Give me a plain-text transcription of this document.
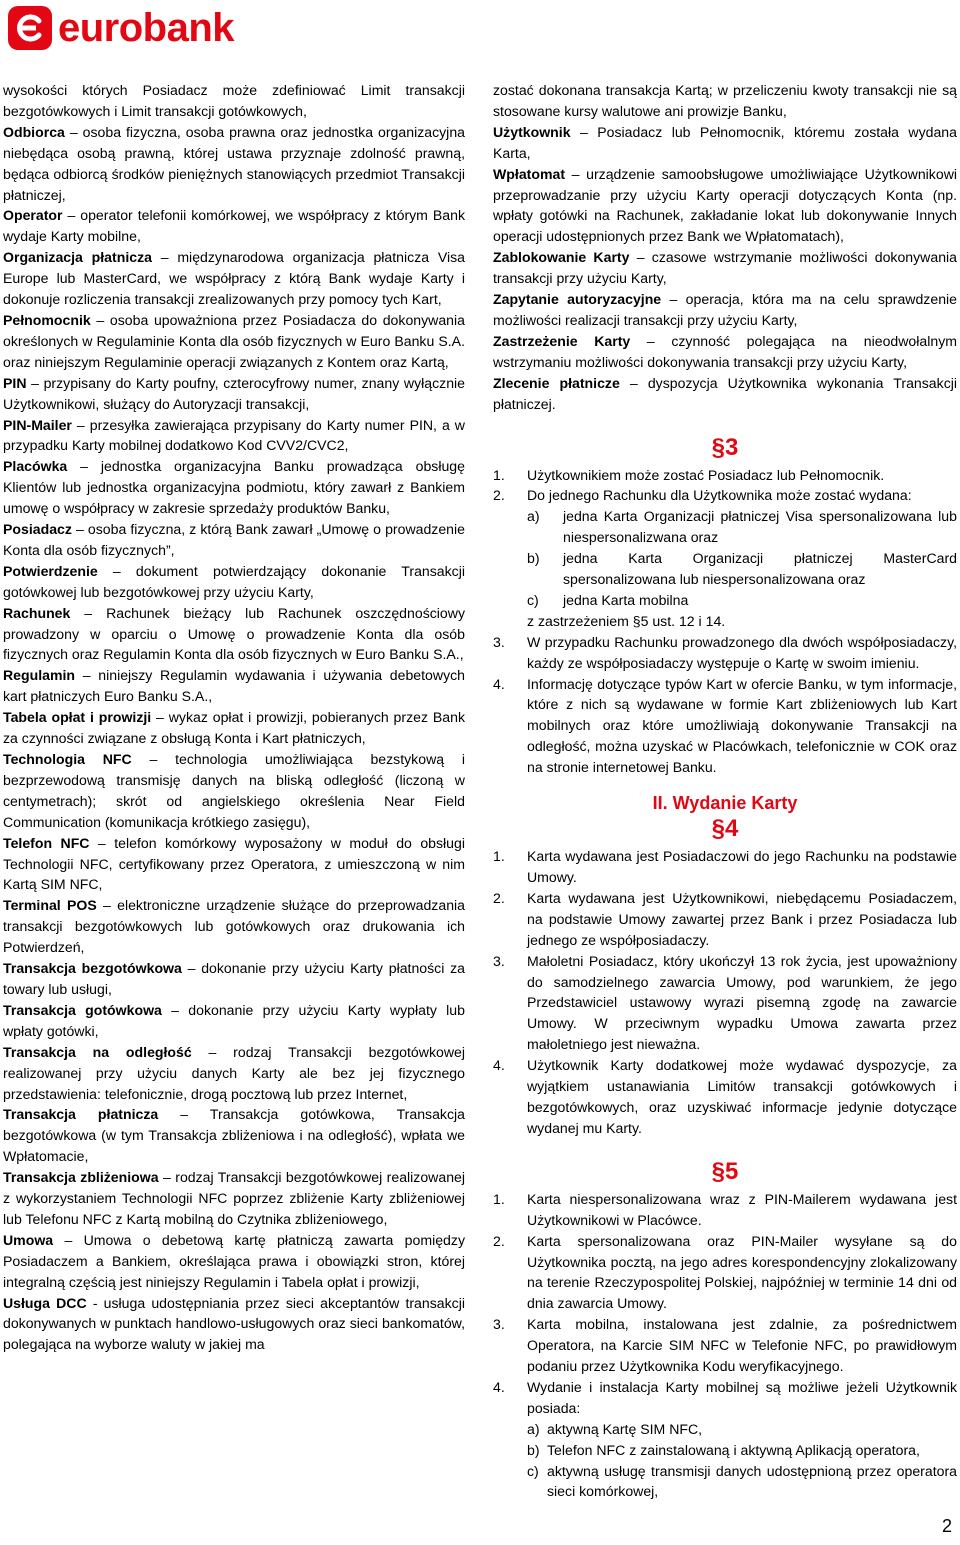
eurobank

wysokości których Posiadacz może zdefiniować Limit transakcji bezgotówkowych i Limit transakcji gotówkowych,

Odbiorca – osoba fizyczna, osoba prawna oraz jednostka organizacyjna niebędąca osobą prawną, której ustawa przyznaje zdolność prawną, będąca odbiorcą środków pieniężnych stanowiących przedmiot Transakcji płatniczej,

Operator – operator telefonii komórkowej, we współpracy z którym Bank wydaje Karty mobilne,

Organizacja płatnicza – międzynarodowa organizacja płatnicza Visa Europe lub MasterCard, we współpracy z którą Bank wydaje Karty i dokonuje rozliczenia transakcji zrealizowanych przy pomocy tych Kart,

Pełnomocnik – osoba upoważniona przez Posiadacza do dokonywania określonych w Regulaminie Konta dla osób fizycznych w Euro Banku S.A. oraz niniejszym Regulaminie operacji związanych z Kontem oraz Kartą,

PIN – przypisany do Karty poufny, czterocyfrowy numer, znany wyłącznie Użytkownikowi, służący do Autoryzacji transakcji,

PIN-Mailer – przesyłka zawierająca przypisany do Karty numer PIN, a w przypadku Karty mobilnej dodatkowo Kod CVV2/CVC2,

Placówka – jednostka organizacyjna Banku prowadząca obsługę Klientów lub jednostka organizacyjna podmiotu, który zawarł z Bankiem umowę o współpracy w zakresie sprzedaży produktów Banku,

Posiadacz – osoba fizyczna, z którą Bank zawarł „Umowę o prowadzenie Konta dla osób fizycznych”,

Potwierdzenie – dokument potwierdzający dokonanie Transakcji gotówkowej lub bezgotówkowej przy użyciu Karty,

Rachunek – Rachunek bieżący lub Rachunek oszczędnościowy prowadzony w oparciu o Umowę o prowadzenie Konta dla osób fizycznych oraz Regulamin Konta dla osób fizycznych w Euro Banku S.A.,

Regulamin – niniejszy Regulamin wydawania i używania debetowych kart płatniczych Euro Banku S.A.,

Tabela opłat i prowizji – wykaz opłat i prowizji, pobieranych przez Bank za czynności związane z obsługą Konta i Kart płatniczych,

Technologia NFC – technologia umożliwiająca bezstykową i bezprzewodową transmisję danych na bliską odległość (liczoną w centymetrach); skrót od angielskiego określenia Near Field Communication (komunikacja krótkiego zasięgu),

Telefon NFC – telefon komórkowy wyposażony w moduł do obsługi Technologii NFC, certyfikowany przez Operatora, z umieszczoną w nim Kartą SIM NFC,

Terminal POS – elektroniczne urządzenie służące do przeprowadzania transakcji bezgotówkowych lub gotówkowych oraz drukowania ich Potwierdzeń,

Transakcja bezgotówkowa – dokonanie przy użyciu Karty płatności za towary lub usługi,

Transakcja gotówkowa – dokonanie przy użyciu Karty wypłaty lub wpłaty gotówki,

Transakcja na odległość – rodzaj Transakcji bezgotówkowej realizowanej przy użyciu danych Karty ale bez jej fizycznego przedstawienia: telefonicznie, drogą pocztową lub przez Internet,

Transakcja płatnicza – Transakcja gotówkowa, Transakcja bezgotówkowa (w tym Transakcja zbliżeniowa i na odległość), wpłata we Wpłatomacie,

Transakcja zbliżeniowa – rodzaj Transakcji bezgotówkowej realizowanej z wykorzystaniem Technologii NFC poprzez zbliżenie Karty zbliżeniowej lub Telefonu NFC z Kartą mobilną do Czytnika zbliżeniowego,

Umowa – Umowa o debetową kartę płatniczą zawarta pomiędzy Posiadaczem a Bankiem, określająca prawa i obowiązki stron, której integralną częścią jest niniejszy Regulamin i Tabela opłat i prowizji,

Usługa DCC - usługa udostępniania przez sieci akceptantów transakcji dokonywanych w punktach handlowo-usługowych oraz sieci bankomatów, polegająca na wyborze waluty w jakiej ma

zostać dokonana transakcja Kartą; w przeliczeniu kwoty transakcji nie są stosowane kursy walutowe ani prowizje Banku,

Użytkownik – Posiadacz lub Pełnomocnik, któremu została wydana Karta,

Wpłatomat – urządzenie samoobsługowe umożliwiające Użytkownikowi przeprowadzanie przy użyciu Karty operacji dotyczących Konta (np. wpłaty gotówki na Rachunek, zakładanie lokat lub dokonywanie Innych operacji udostępnionych przez Bank we Wpłatomatach),

Zablokowanie Karty – czasowe wstrzymanie możliwości dokonywania transakcji przy użyciu Karty,

Zapytanie autoryzacyjne – operacja, która ma na celu sprawdzenie możliwości realizacji transakcji przy użyciu Karty,

Zastrzeżenie Karty – czynność polegająca na nieodwołalnym wstrzymaniu możliwości dokonywania transakcji przy użyciu Karty,

Zlecenie płatnicze – dyspozycja Użytkownika wykonania Transakcji płatniczej.

§3
1.	Użytkownikiem może zostać Posiadacz lub Pełnomocnik.
2.	Do jednego Rachunku dla Użytkownika może zostać wydana:
a)	jedna Karta Organizacji płatniczej Visa spersonalizowana lub niespersonalizwana oraz
b)	jedna Karta Organizacji płatniczej MasterCard spersonalizowana lub niespersonalizowana oraz
c)	jedna Karta mobilna
z zastrzeżeniem §5 ust. 12 i 14.
3.	W przypadku Rachunku prowadzonego dla dwóch współposiadaczy, każdy ze współposiadaczy występuje o Kartę w swoim imieniu.
4.	Informację dotyczące typów Kart w ofercie Banku, w tym informacje, które z nich są wydawane w formie Kart zbliżeniowych lub Kart mobilnych oraz które umożliwiają dokonywanie Transakcji na odległość, można uzyskać w Placówkach, telefonicznie w COK oraz na stronie internetowej Banku.
II. Wydanie Karty
§4
1.	Karta wydawana jest Posiadaczowi do jego Rachunku na podstawie Umowy.
2.	Karta wydawana jest Użytkownikowi, niebędącemu Posiadaczem, na podstawie Umowy zawartej przez Bank i przez Posiadacza lub jednego ze współposiadaczy.
3.	Małoletni Posiadacz, który ukończył 13 rok życia, jest upoważniony do samodzielnego zawarcia Umowy, pod warunkiem, że jego Przedstawiciel ustawowy wyrazi pisemną zgodę na zawarcie Umowy. W przeciwnym wypadku Umowa zawarta przez małoletniego jest nieważna.
4.	Użytkownik Karty dodatkowej może wydawać dyspozycje, za wyjątkiem ustanawiania Limitów transakcji gotówkowych i bezgotówkowych, oraz uzyskiwać informacje jedynie dotyczące wydanej mu Karty.
§5
1.	Karta niespersonalizowana wraz z PIN-Mailerem wydawana jest Użytkownikowi w Placówce.
2.	Karta spersonalizowana oraz PIN-Mailer wysyłane są do Użytkownika pocztą, na jego adres korespondencyjny zlokalizowany na terenie Rzeczypospolitej Polskiej, najpóźniej w terminie 14 dni od dnia zawarcia Umowy.
3.	Karta mobilna, instalowana jest zdalnie, za pośrednictwem Operatora, na Karcie SIM NFC w Telefonie NFC, po prawidłowym podaniu przez Użytkownika Kodu weryfikacyjnego.
4.	Wydanie i instalacja Karty mobilnej są możliwe jeżeli Użytkownik posiada:
a) aktywną Kartę SIM NFC,
b) Telefon NFC z zainstalowaną i aktywną Aplikacją operatora,
c) aktywną usługę transmisji danych udostępnioną przez operatora sieci komórkowej,
2
